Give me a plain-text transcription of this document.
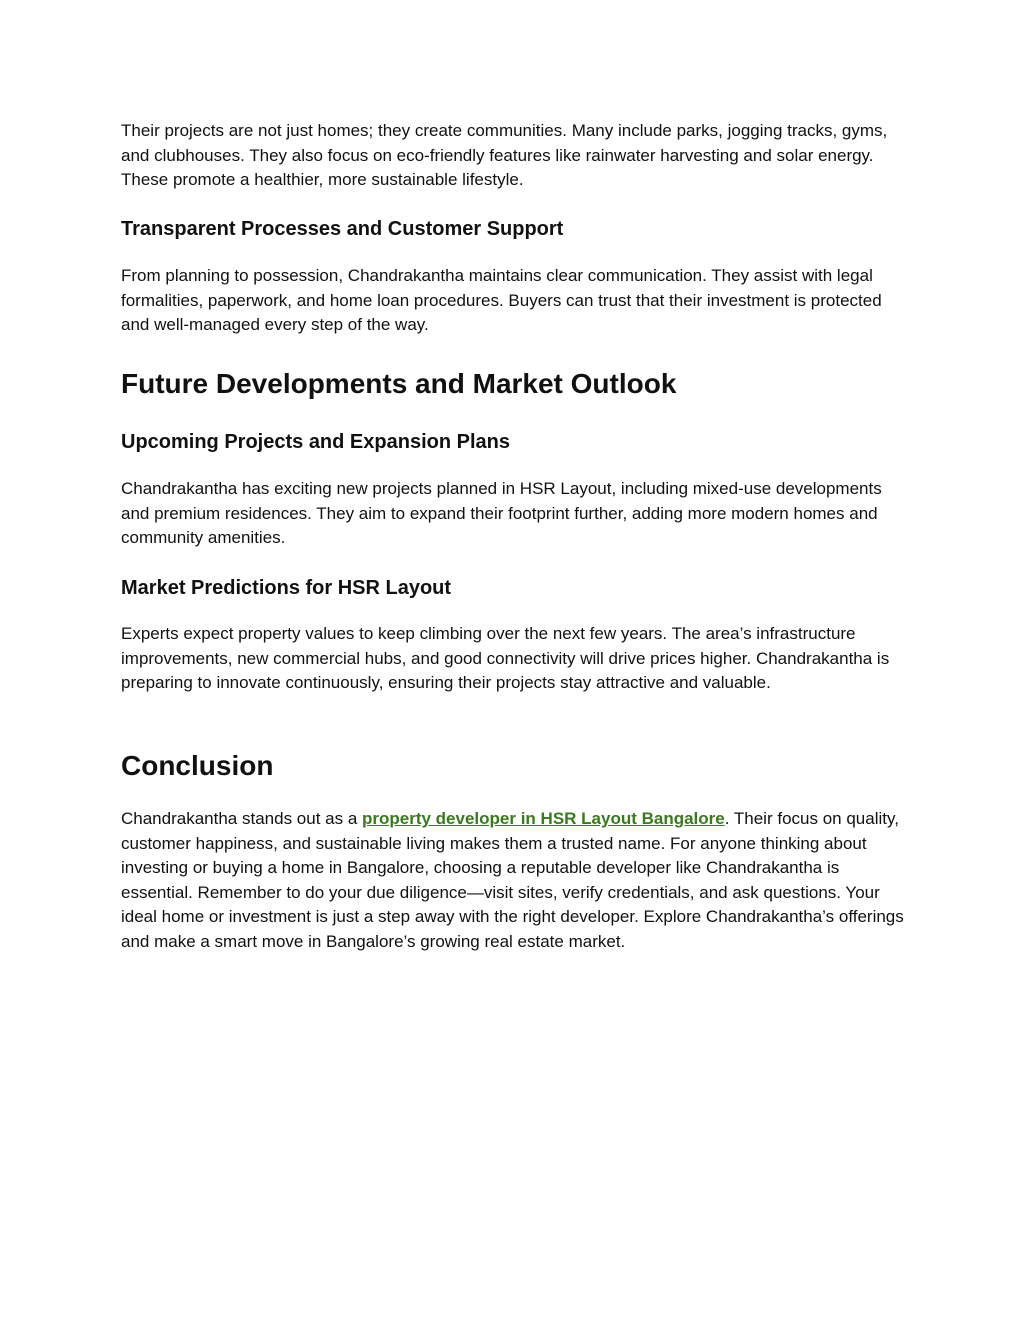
Their projects are not just homes; they create communities. Many include parks, jogging tracks, gyms, and clubhouses. They also focus on eco-friendly features like rainwater harvesting and solar energy. These promote a healthier, more sustainable lifestyle.

Transparent Processes and Customer Support

From planning to possession, Chandrakantha maintains clear communication. They assist with legal formalities, paperwork, and home loan procedures. Buyers can trust that their investment is protected and well-managed every step of the way.

Future Developments and Market Outlook
Upcoming Projects and Expansion Plans

Chandrakantha has exciting new projects planned in HSR Layout, including mixed-use developments and premium residences. They aim to expand their footprint further, adding more modern homes and community amenities.

Market Predictions for HSR Layout

Experts expect property values to keep climbing over the next few years. The area’s infrastructure improvements, new commercial hubs, and good connectivity will drive prices higher. Chandrakantha is preparing to innovate continuously, ensuring their projects stay attractive and valuable.

Conclusion

Chandrakantha stands out as a property developer in HSR Layout Bangalore. Their focus on quality, customer happiness, and sustainable living makes them a trusted name. For anyone thinking about investing or buying a home in Bangalore, choosing a reputable developer like Chandrakantha is essential. Remember to do your due diligence—visit sites, verify credentials, and ask questions. Your ideal home or investment is just a step away with the right developer. Explore Chandrakantha’s offerings and make a smart move in Bangalore’s growing real estate market.
